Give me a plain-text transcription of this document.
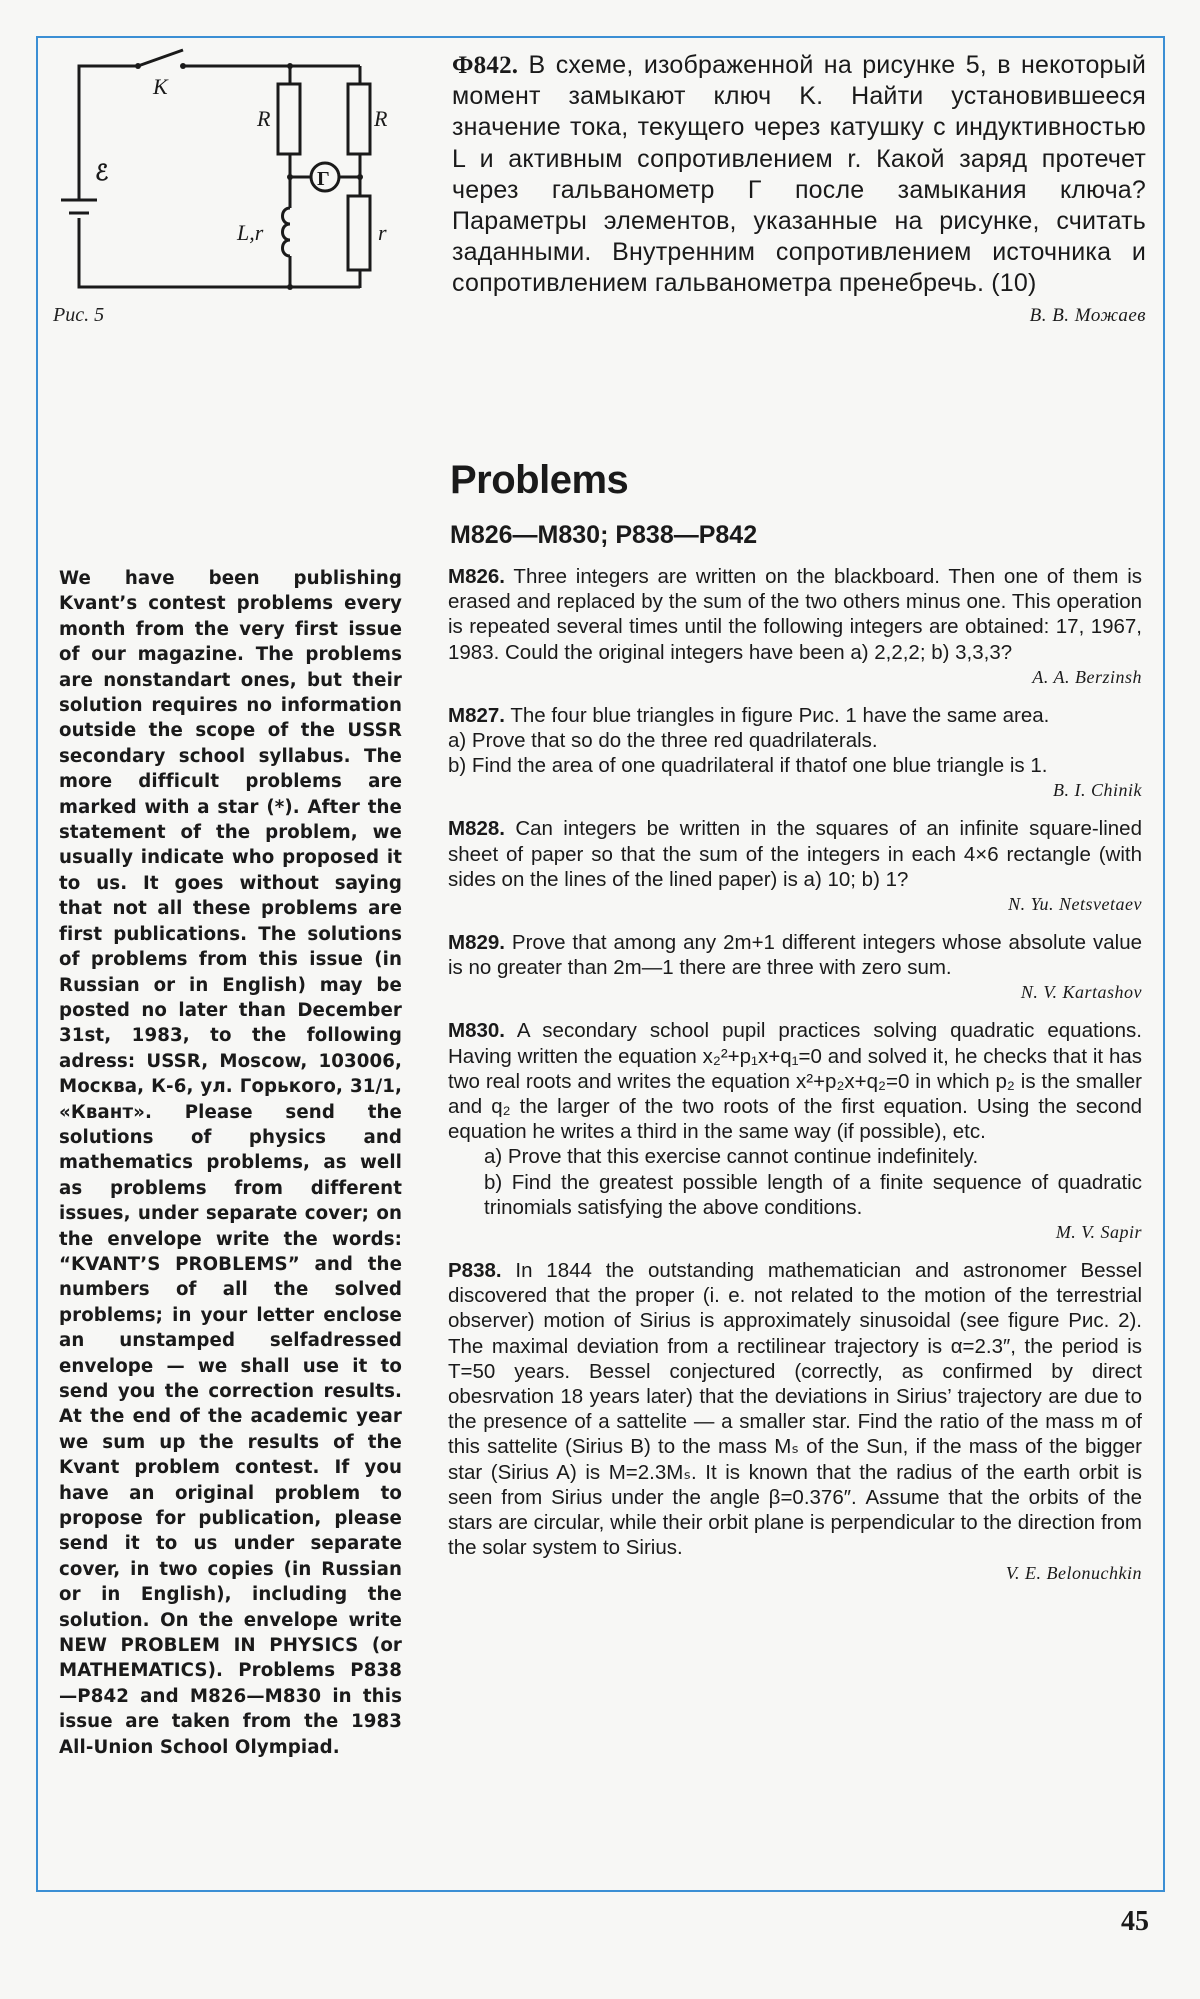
K
ℰ
R	R
Г
L,r	r
Рис. 5
Ф842. В схеме, изображенной на рисунке 5, в некоторый момент замыкают ключ K. Найти установившееся значение тока, текущего через катушку с индуктивностью L и активным сопротивлением r. Какой заряд протечет через гальванометр Г после замыкания ключа? Параметры элементов, указанные на рисунке, считать заданными. Внутренним сопротивлением источника и сопротивлением гальванометра пренебречь. (10)
В. В. Можаев
Problems
M826—M830; P838—P842
We have been publishing Kvant’s contest problems every month from the very first issue of our magazine. The problems are nonstandart ones, but their solution requires no information outside the scope of the USSR secondary school syllabus. The more difficult problems are marked with a star (*). After the statement of the problem, we usually indicate who proposed it to us. It goes without saying that not all these problems are first publications. The solutions of problems from this issue (in Russian or in English) may be posted no later than December 31st, 1983, to the following adress: USSR, Moscow, 103006, Москва, К-6, ул. Горького, 31/1, «Квант». Please send the solutions of physics and mathematics problems, as well as problems from different issues, under separate cover; on the envelope write the words: “KVANT’S PROBLEMS” and the numbers of all the solved problems; in your letter enclose an unstamped selfadressed envelope — we shall use it to send you the correction results. At the end of the academic year we sum up the results of the Kvant problem contest. If you have an original problem to propose for publication, please send it to us under separate cover, in two copies (in Russian or in English), including the solution. On the envelope write NEW PROBLEM IN PHYSICS (or MATHEMATICS). Problems P838—P842 and M826—M830 in this issue are taken from the 1983 All-Union School Olympiad.
M826. Three integers are written on the blackboard. Then one of them is erased and replaced by the sum of the two others minus one. This operation is repeated several times until the following integers are obtained: 17, 1967, 1983. Could the original integers have been a) 2,2,2; b) 3,3,3?
A. A. Berzinsh
M827. The four blue triangles in figure Рис. 1 have the same area.
a) Prove that so do the three red quadrilaterals.
b) Find the area of one quadrilateral if thatof one blue triangle is 1.
B. I. Chinik
M828. Can integers be written in the squares of an infinite square-lined sheet of paper so that the sum of the integers in each 4×6 rectangle (with sides on the lines of the lined paper) is a) 10; b) 1?
N. Yu. Netsvetaev
M829. Prove that among any 2m+1 different integers whose absolute value is no greater than 2m—1 there are three with zero sum.
N. V. Kartashov
M830. A secondary school pupil practices solving quadratic equations. Having written the equation x₂²+p₁x+q₁=0 and solved it, he checks that it has two real roots and writes the equation x²+p₂x+q₂=0 in which p₂ is the smaller and q₂ the larger of the two roots of the first equation. Using the second equation he writes a third in the same way (if possible), etc.
a) Prove that this exercise cannot continue indefinitely.
b) Find the greatest possible length of a finite sequence of quadratic trinomials satisfying the above conditions.
M. V. Sapir
P838. In 1844 the outstanding mathematician and astronomer Bessel discovered that the proper (i. e. not related to the motion of the terrestrial observer) motion of Sirius is approximately sinusoidal (see figure Рис. 2). The maximal deviation from a rectilinear trajectory is α=2.3″, the period is T=50 years. Bessel conjectured (correctly, as confirmed by direct obesrvation 18 years later) that the deviations in Sirius’ trajectory are due to the presence of a sattelite — a smaller star. Find the ratio of the mass m of this sattelite (Sirius B) to the mass Mₛ of the Sun, if the mass of the bigger star (Sirius A) is M=2.3Mₛ. It is known that the radius of the earth orbit is seen from Sirius under the angle β=0.376″. Assume that the orbits of the stars are circular, while their orbit plane is perpendicular to the direction from the solar system to Sirius.
V. E. Belonuchkin
45
